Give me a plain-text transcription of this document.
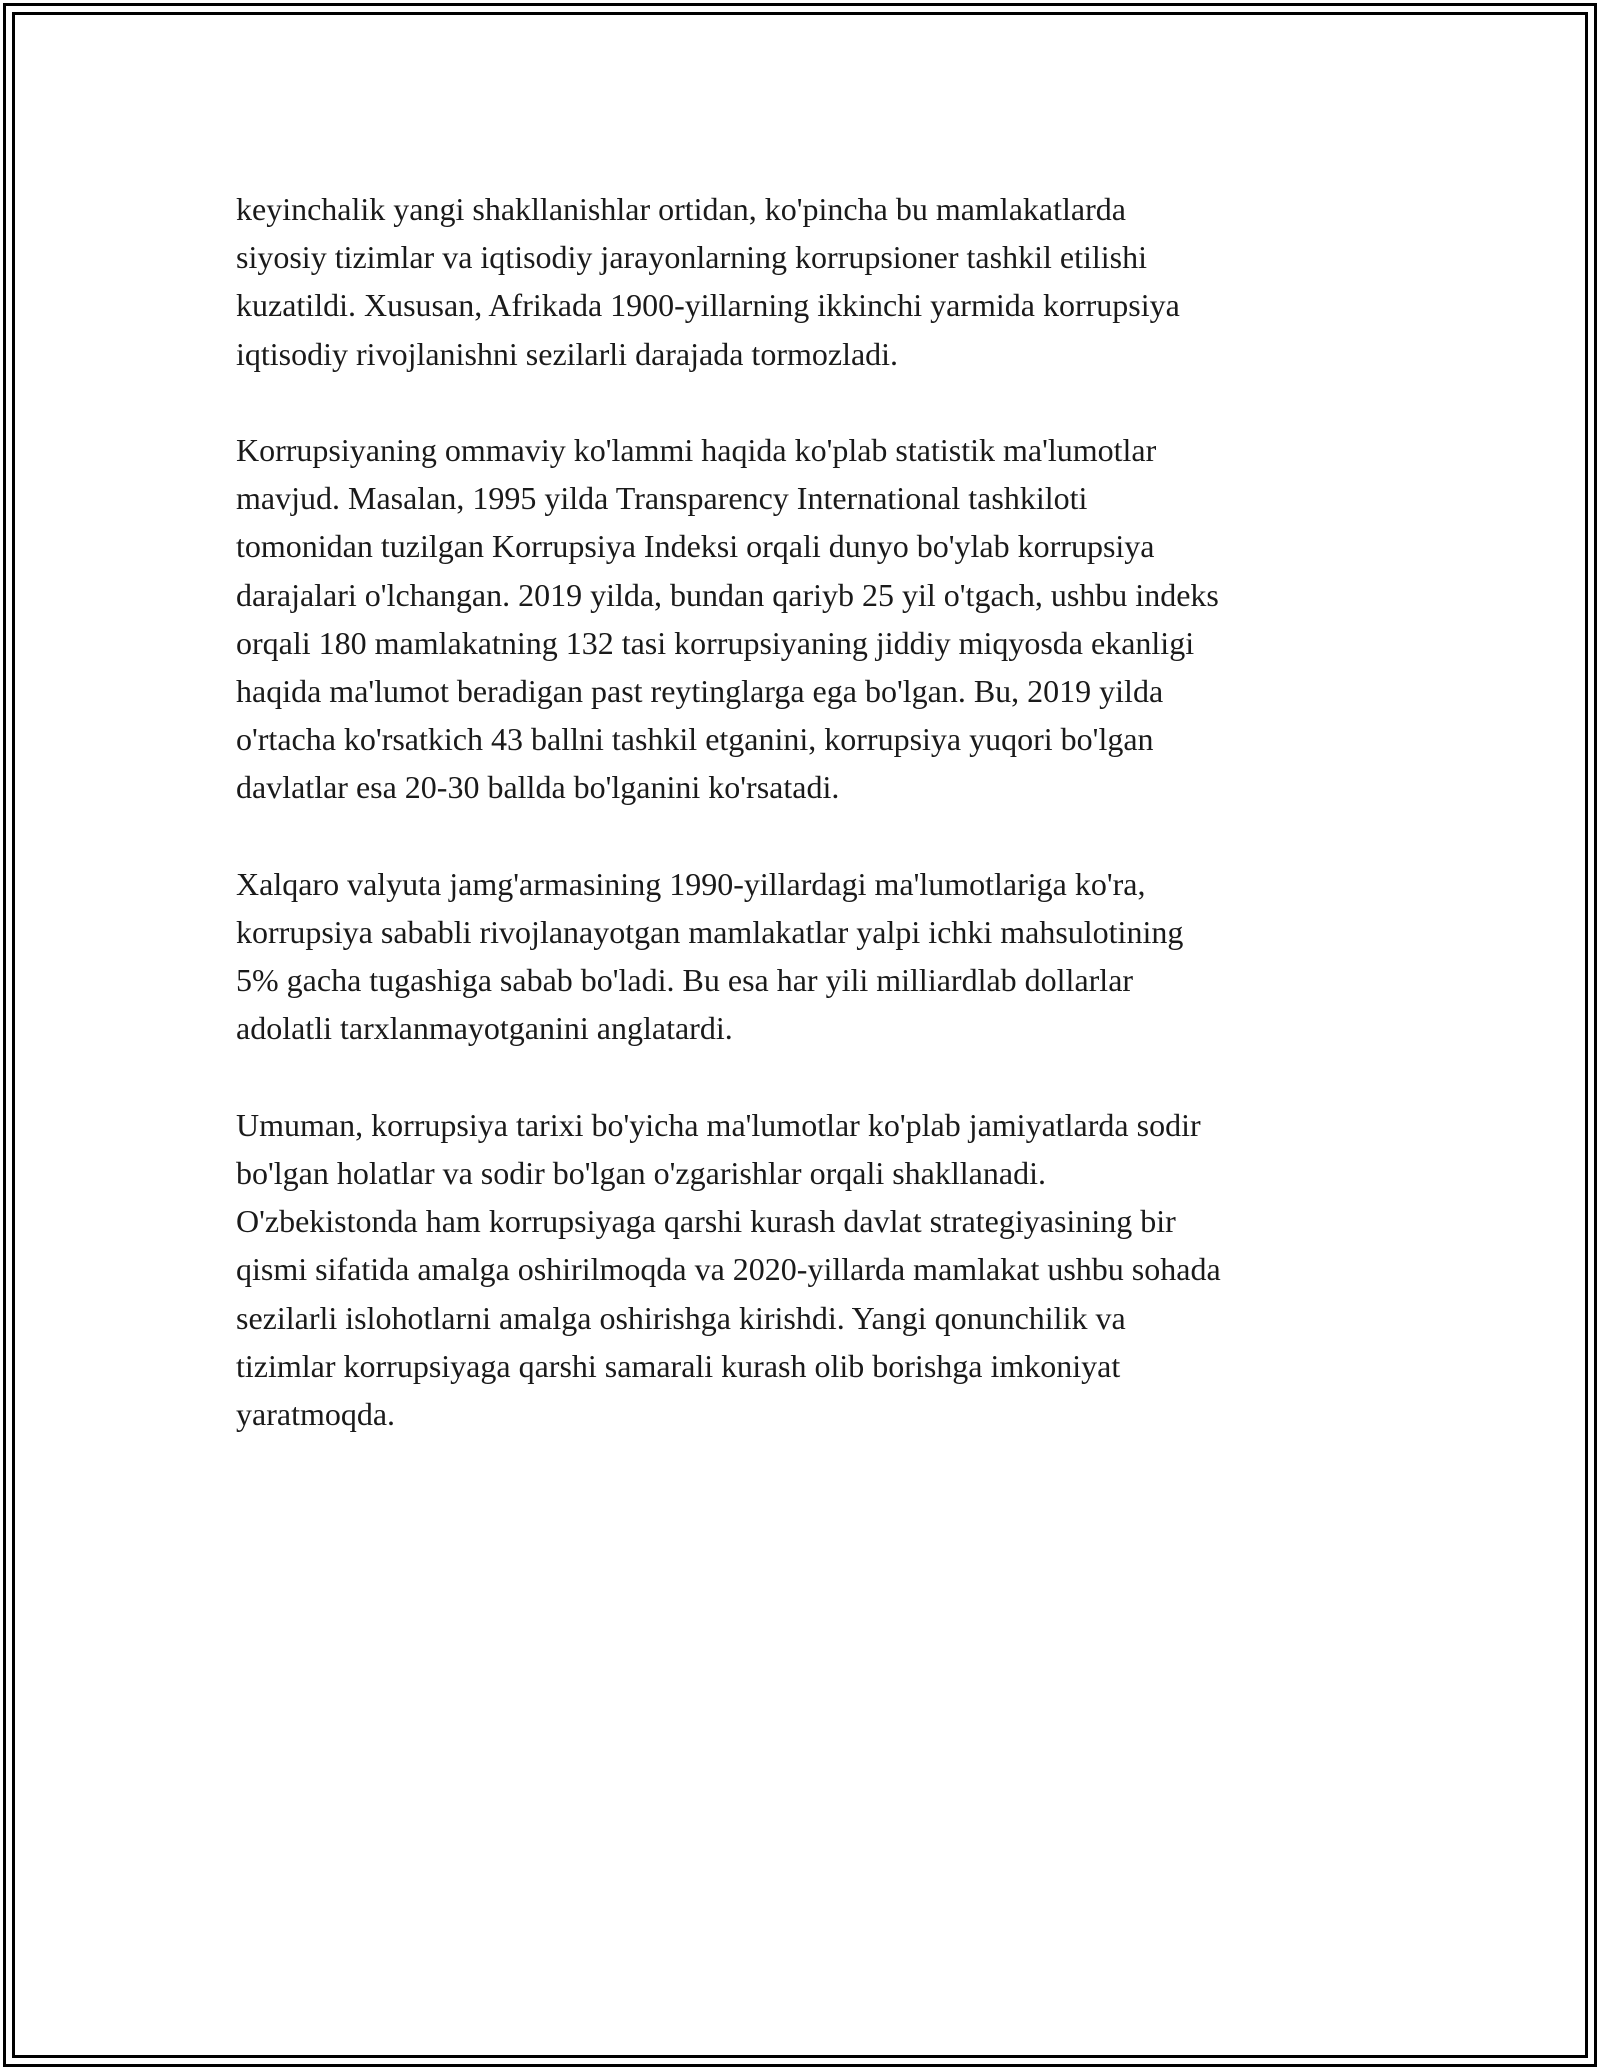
keyinchalik yangi shakllanishlar ortidan, ko'pincha bu mamlakatlarda
siyosiy tizimlar va iqtisodiy jarayonlarning korrupsioner tashkil etilishi
kuzatildi. Xususan, Afrikada 1900-yillarning ikkinchi yarmida korrupsiya
iqtisodiy rivojlanishni sezilarli darajada tormozladi.

Korrupsiyaning ommaviy ko'lammi haqida ko'plab statistik ma'lumotlar
mavjud. Masalan, 1995 yilda Transparency International tashkiloti
tomonidan tuzilgan Korrupsiya Indeksi orqali dunyo bo'ylab korrupsiya
darajalari o'lchangan. 2019 yilda, bundan qariyb 25 yil o'tgach, ushbu indeks
orqali 180 mamlakatning 132 tasi korrupsiyaning jiddiy miqyosda ekanligi
haqida ma'lumot beradigan past reytinglarga ega bo'lgan. Bu, 2019 yilda
o'rtacha ko'rsatkich 43 ballni tashkil etganini, korrupsiya yuqori bo'lgan
davlatlar esa 20-30 ballda bo'lganini ko'rsatadi.

Xalqaro valyuta jamg'armasining 1990-yillardagi ma'lumotlariga ko'ra,
korrupsiya sababli rivojlanayotgan mamlakatlar yalpi ichki mahsulotining
5% gacha tugashiga sabab bo'ladi. Bu esa har yili milliardlab dollarlar
adolatli tarxlanmayotganini anglatardi.

Umuman, korrupsiya tarixi bo'yicha ma'lumotlar ko'plab jamiyatlarda sodir
bo'lgan holatlar va sodir bo'lgan o'zgarishlar orqali shakllanadi.
O'zbekistonda ham korrupsiyaga qarshi kurash davlat strategiyasining bir
qismi sifatida amalga oshirilmoqda va 2020-yillarda mamlakat ushbu sohada
sezilarli islohotlarni amalga oshirishga kirishdi. Yangi qonunchilik va
tizimlar korrupsiyaga qarshi samarali kurash olib borishga imkoniyat
yaratmoqda.
